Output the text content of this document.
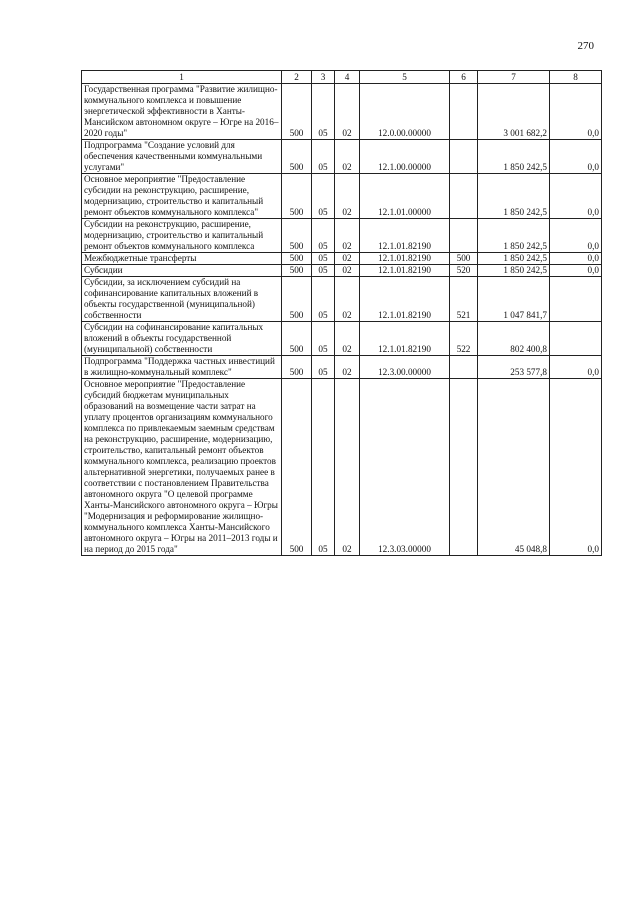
270
1	2	3	4	5	6	7	8
Государственная программа "Развитие жилищно-коммунального комплекса и повышение энергетической эффективности в Ханты-Мансийском автономном округе – Югре на 2016–2020 годы"	500	05	02	12.0.00.00000		3 001 682,2	0,0
Подпрограмма "Создание условий для обеспечения качественными коммунальными услугами"	500	05	02	12.1.00.00000		1 850 242,5	0,0
Основное мероприятие "Предоставление субсидии на реконструкцию, расширение, модернизацию, строительство и капитальный ремонт объектов коммунального комплекса"	500	05	02	12.1.01.00000		1 850 242,5	0,0
Субсидии на реконструкцию, расширение, модернизацию, строительство и капитальный ремонт объектов коммунального комплекса	500	05	02	12.1.01.82190		1 850 242,5	0,0
Межбюджетные трансферты	500	05	02	12.1.01.82190	500	1 850 242,5	0,0
Субсидии	500	05	02	12.1.01.82190	520	1 850 242,5	0,0
Субсидии, за исключением субсидий на софинансирование капитальных вложений в объекты государственной (муниципальной) собственности	500	05	02	12.1.01.82190	521	1 047 841,7	
Субсидии на софинансирование капитальных вложений в объекты государственной (муниципальной) собственности	500	05	02	12.1.01.82190	522	802 400,8	
Подпрограмма "Поддержка частных инвестиций в жилищно-коммунальный комплекс"	500	05	02	12.3.00.00000		253 577,8	0,0
Основное мероприятие "Предоставление субсидий бюджетам муниципальных образований на возмещение части затрат на уплату процентов организациям коммунального комплекса по привлекаемым заемным средствам на реконструкцию, расширение, модернизацию, строительство, капитальный ремонт объектов коммунального комплекса, реализацию проектов альтернативной энергетики, получаемых ранее в соответствии с постановлением Правительства автономного округа "О целевой программе Ханты-Мансийского автономного округа – Югры "Модернизация и реформирование жилищно-коммунального комплекса Ханты-Мансийского автономного округа – Югры на 2011–2013 годы и на период до 2015 года"	500	05	02	12.3.03.00000		45 048,8	0,0
